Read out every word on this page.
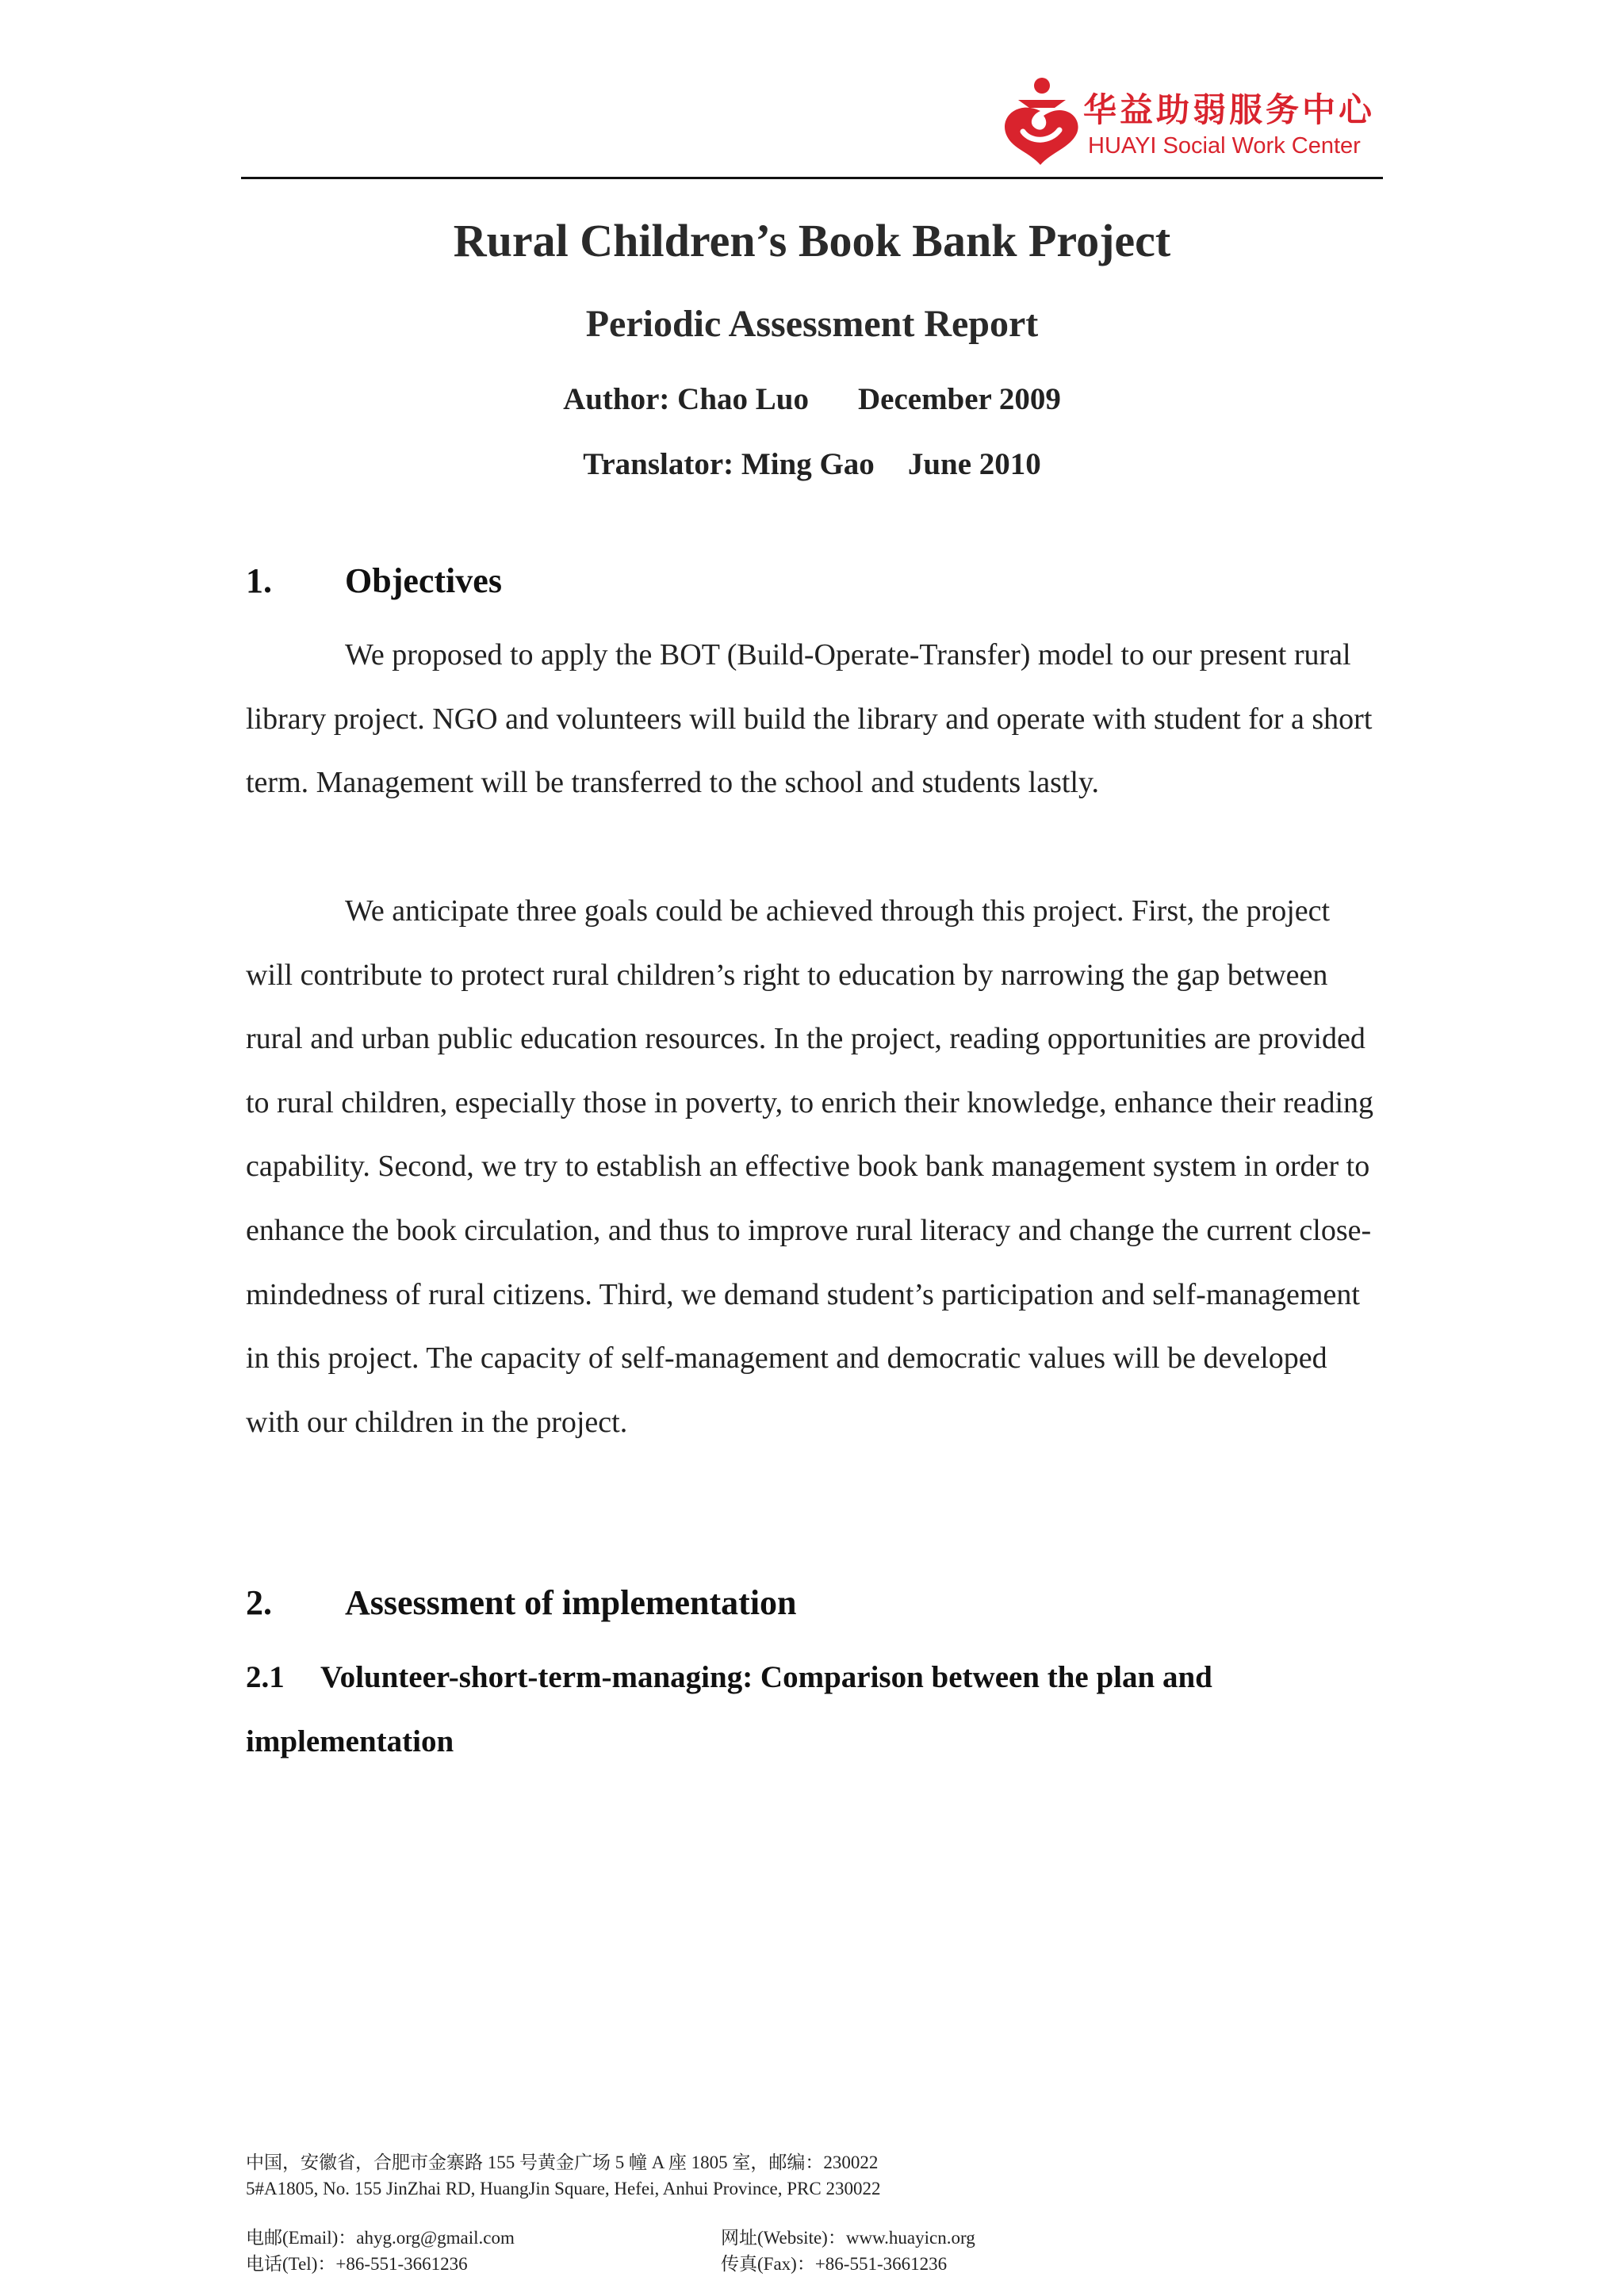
华益助弱服务中心

HUAYI Social Work Center

Rural Children’s Book Bank Project
Periodic Assessment Report

Author: Chao Luo December 2009

Translator: Ming Gao June 2010

1. Objectives

We proposed to apply the BOT (Build-Operate-Transfer) model to our present rural library project. NGO and volunteers will build the library and operate with student for a short term. Management will be transferred to the school and students lastly.

We anticipate three goals could be achieved through this project. First, the project will contribute to protect rural children’s right to education by narrowing the gap between rural and urban public education resources. In the project, reading opportunities are provided to rural children, especially those in poverty, to enrich their knowledge, enhance their reading capability. Second, we try to establish an effective book bank management system in order to enhance the book circulation, and thus to improve rural literacy and change the current close-mindedness of rural citizens. Third, we demand student’s participation and self-management in this project. The capacity of self-management and democratic values will be developed with our children in the project.

2. Assessment of implementation
2.1 Volunteer-short-term-managing: Comparison between the plan and implementation

中国，安徽省，合肥市金寨路 155 号黄金广场 5 幢 A 座 1805 室，邮编：230022

5#A1805, No. 155 JinZhai RD, HuangJin Square, Hefei, Anhui Province, PRC 230022

电邮(Email)：ahyg.org@gmail.com

电话(Tel)：+86-551-3661236

网址(Website)：www.huayicn.org

传真(Fax)：+86-551-3661236
